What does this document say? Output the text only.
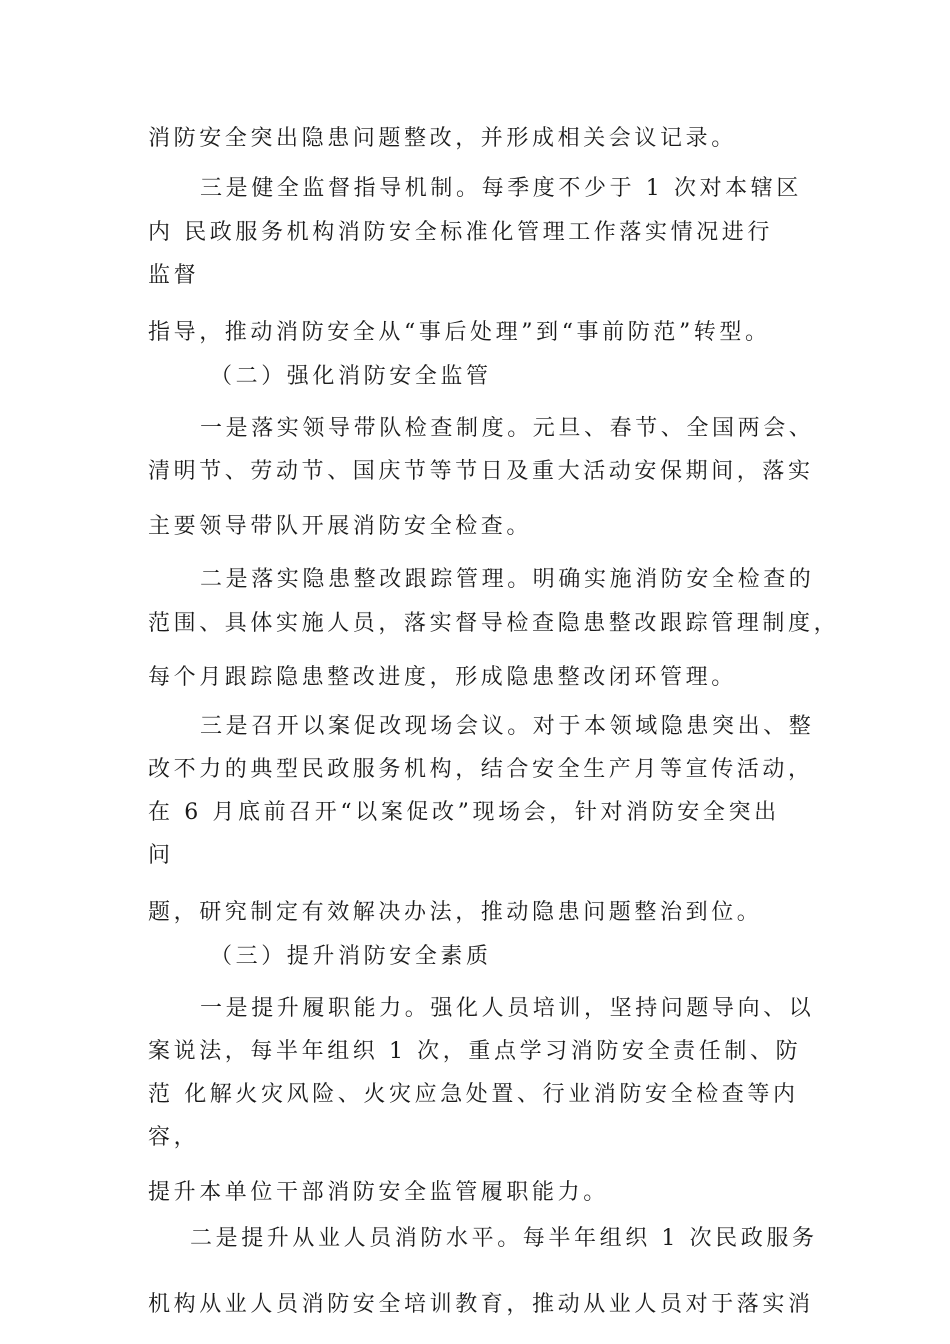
消防安全突出隐患问题整改，并形成相关会议记录。
三是健全监督指导机制。每季度不少于 1 次对本辖区
内 民政服务机构消防安全标准化管理工作落实情况进行
监督
指导，推动消防安全从“事后处理”到“事前防范”转型。
（二）强化消防安全监管
一是落实领导带队检查制度。元旦、春节、全国两会、
清明节、劳动节、国庆节等节日及重大活动安保期间，落实
主要领导带队开展消防安全检查。
二是落实隐患整改跟踪管理。明确实施消防安全检查的
范围、具体实施人员，落实督导检查隐患整改跟踪管理制度，
每个月跟踪隐患整改进度，形成隐患整改闭环管理。
三是召开以案促改现场会议。对于本领域隐患突出、整
改不力的典型民政服务机构，结合安全生产月等宣传活动，
在 6 月底前召开“以案促改”现场会，针对消防安全突出
问
题，研究制定有效解决办法，推动隐患问题整治到位。
（三）提升消防安全素质
一是提升履职能力。强化人员培训，坚持问题导向、以
案说法，每半年组织 1 次，重点学习消防安全责任制、防
范 化解火灾风险、火灾应急处置、行业消防安全检查等内
容，
提升本单位干部消防安全监管履职能力。
二是提升从业人员消防水平。每半年组织 1 次民政服务
机构从业人员消防安全培训教育，推动从业人员对于落实消
